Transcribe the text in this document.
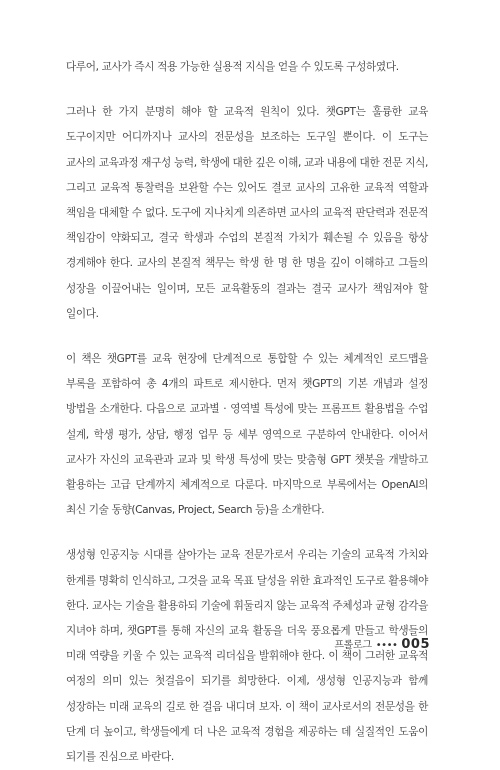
다루어, 교사가 즉시 적용 가능한 실용적 지식을 얻을 수 있도록 구성하였다.

그러나 한 가지 분명히 해야 할 교육적 원칙이 있다. 챗GPT는 훌륭한 교육 도구이지만 어디까지나 교사의 전문성을 보조하는 도구일 뿐이다. 이 도구는 교사의 교육과정 재구성 능력, 학생에 대한 깊은 이해, 교과 내용에 대한 전문 지식, 그리고 교육적 통찰력을 보완할 수는 있어도 결코 교사의 고유한 교육적 역할과 책임을 대체할 수 없다. 도구에 지나치게 의존하면 교사의 교육적 판단력과 전문적 책임감이 약화되고, 결국 학생과 수업의 본질적 가치가 훼손될 수 있음을 항상 경계해야 한다. 교사의 본질적 책무는 학생 한 명 한 명을 깊이 이해하고 그들의 성장을 이끌어내는 일이며, 모든 교육활동의 결과는 결국 교사가 책임져야 할 일이다.

이 책은 챗GPT를 교육 현장에 단계적으로 통합할 수 있는 체계적인 로드맵을 부록을 포함하여 총 4개의 파트로 제시한다. 먼저 챗GPT의 기본 개념과 설정 방법을 소개한다. 다음으로 교과별 · 영역별 특성에 맞는 프롬프트 활용법을 수업 설계, 학생 평가, 상담, 행정 업무 등 세부 영역으로 구분하여 안내한다. 이어서 교사가 자신의 교육관과 교과 및 학생 특성에 맞는 맞춤형 GPT 챗봇을 개발하고 활용하는 고급 단계까지 체계적으로 다룬다. 마지막으로 부록에서는 OpenAI의 최신 기술 동향(Canvas, Project, Search 등)을 소개한다.

생성형 인공지능 시대를 살아가는 교육 전문가로서 우리는 기술의 교육적 가치와 한계를 명확히 인식하고, 그것을 교육 목표 달성을 위한 효과적인 도구로 활용해야 한다. 교사는 기술을 활용하되 기술에 휘둘리지 않는 교육적 주체성과 균형 감각을 지녀야 하며, 챗GPT를 통해 자신의 교육 활동을 더욱 풍요롭게 만들고 학생들의 미래 역량을 키울 수 있는 교육적 리더십을 발휘해야 한다. 이 책이 그러한 교육적 여정의 의미 있는 첫걸음이 되기를 희망한다. 이제, 생성형 인공지능과 함께 성장하는 미래 교육의 길로 한 걸음 내디뎌 보자. 이 책이 교사로서의 전문성을 한 단계 더 높이고, 학생들에게 더 나은 교육적 경험을 제공하는 데 실질적인 도움이 되기를 진심으로 바란다.

프롤로그 •••• 005
